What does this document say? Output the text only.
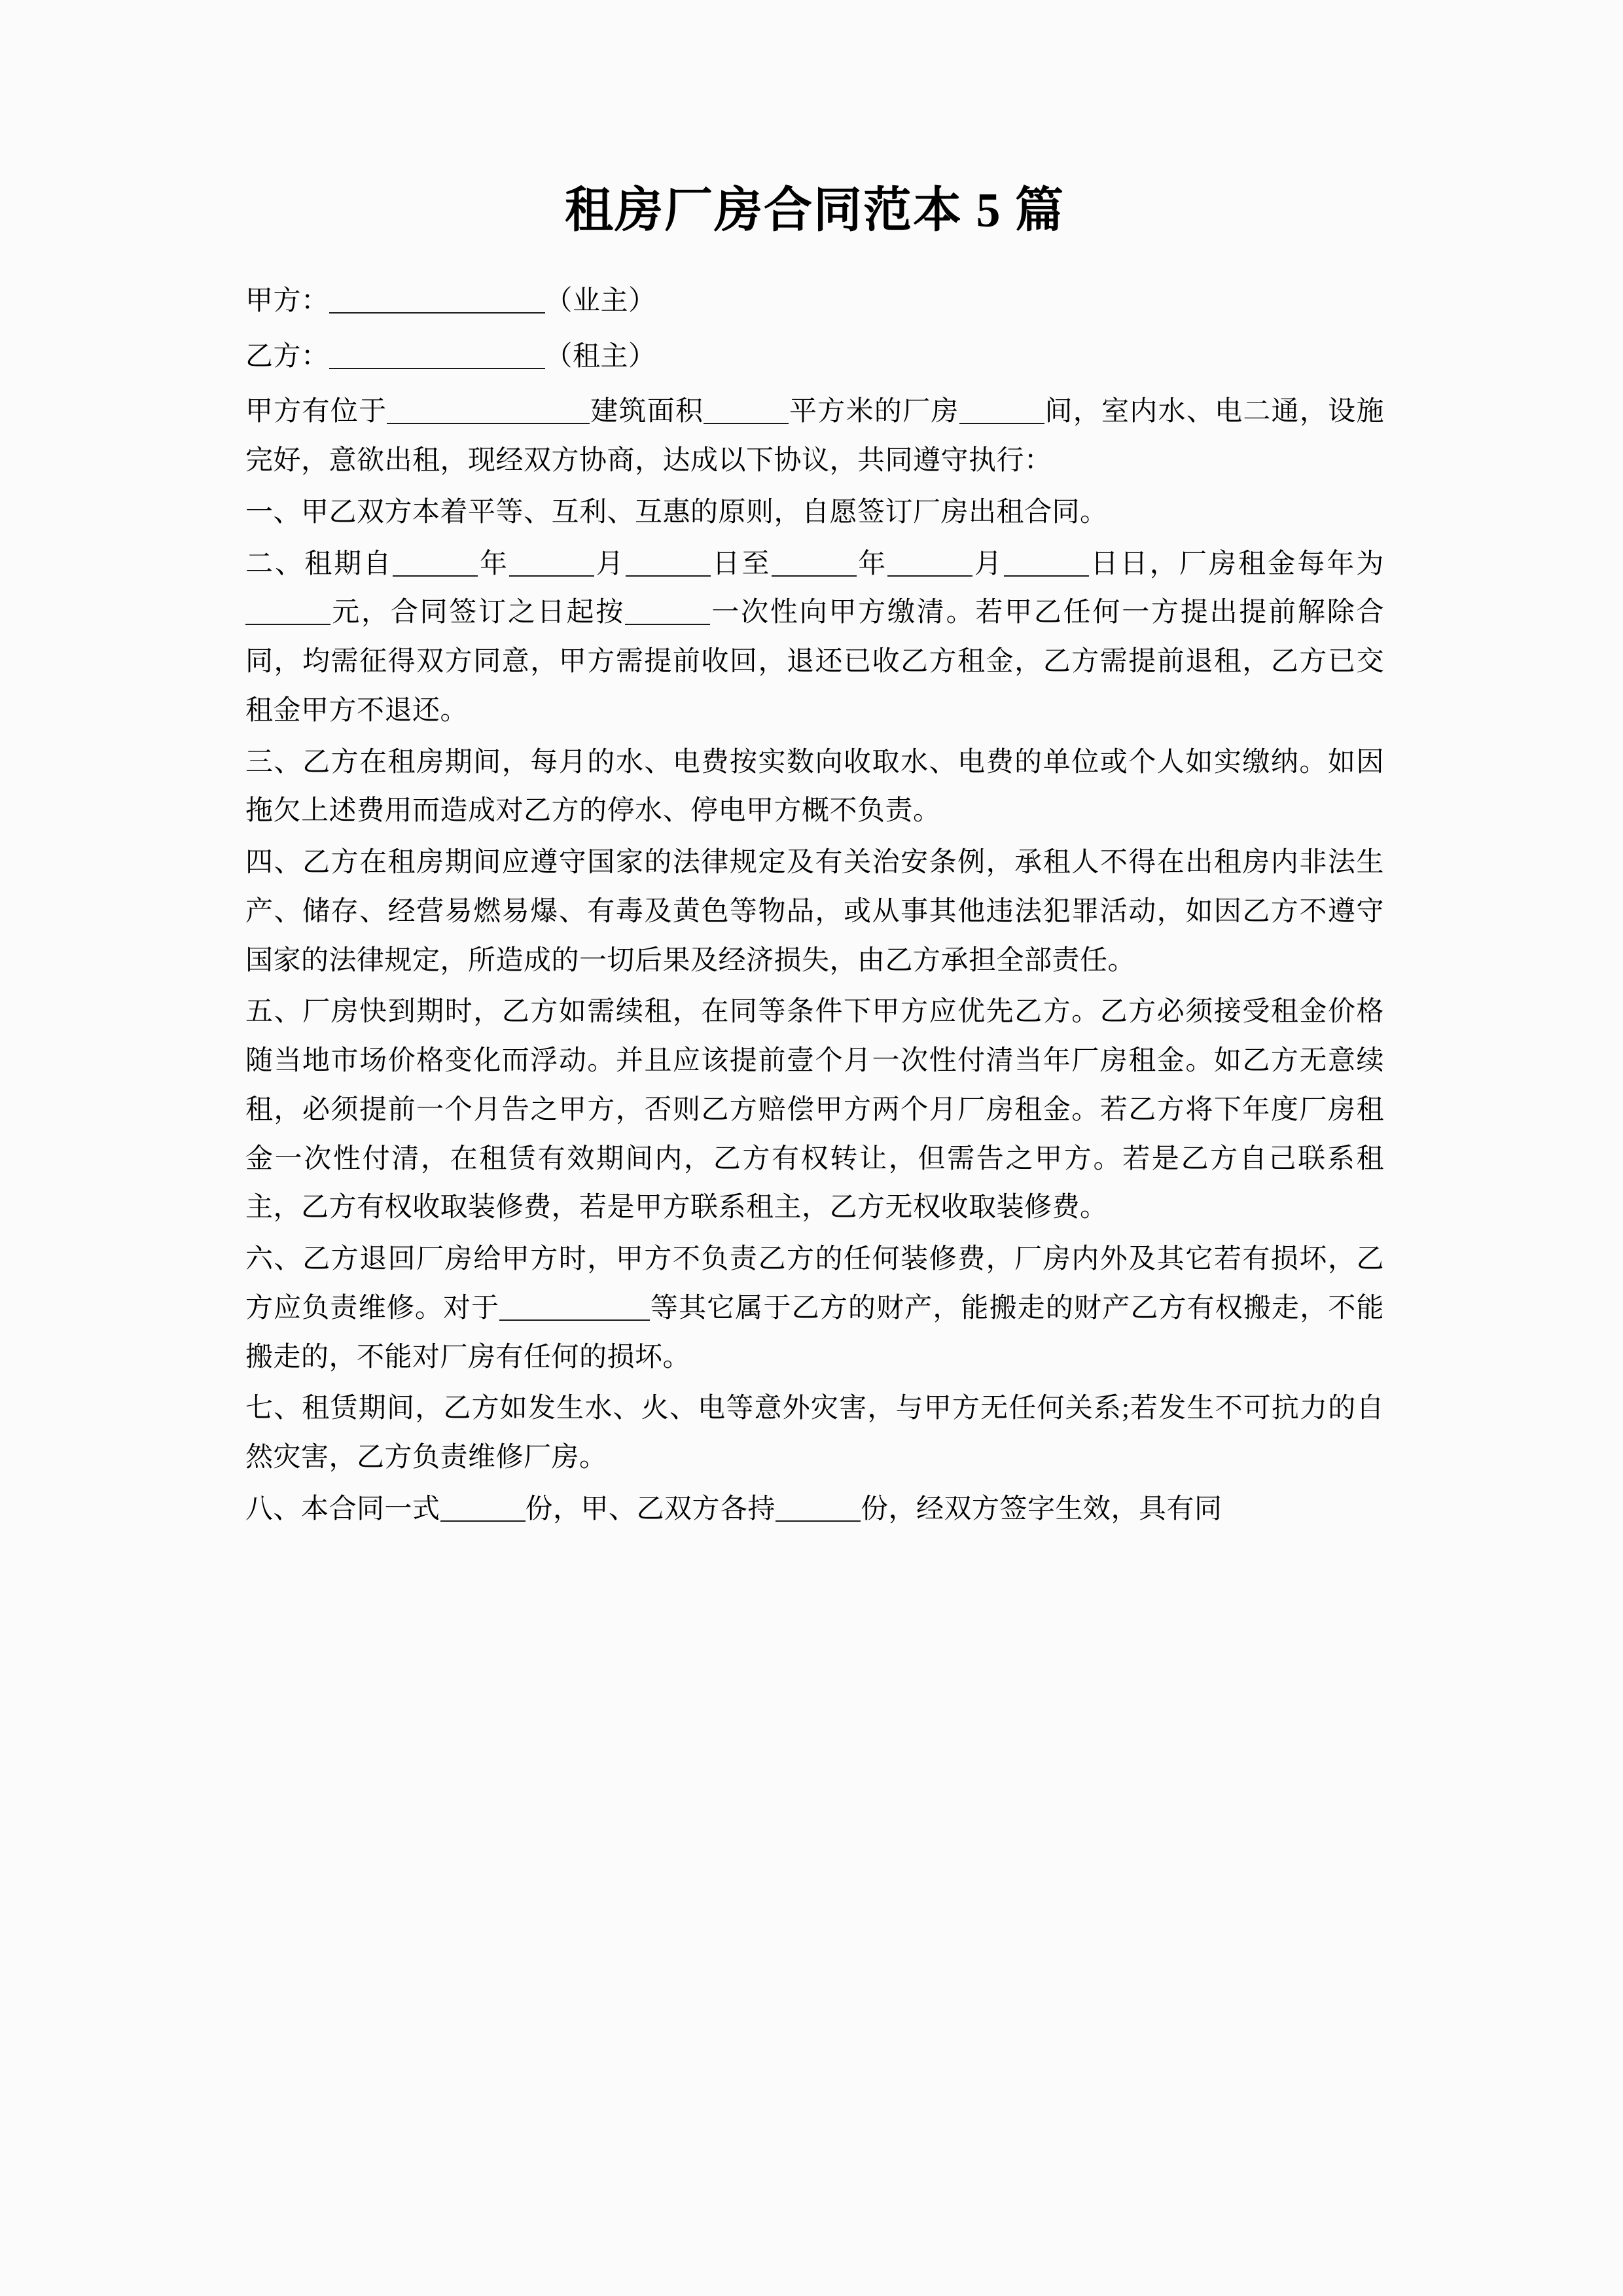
租房厂房合同范本 5 篇

甲方：	（业主）

乙方：	（租主）

甲方有位于	建筑面积	平方米的厂房	间，室内水、电二通，设施完好，意欲出租，现经双方协商，达成以下协议，共同遵守执行：

一、甲乙双方本着平等、互利、互惠的原则，自愿签订厂房出租合同。

二、租期自	年	月	日至	年	月	日日，厂房租金每年为元，合同签订之日起按	一次性向甲方缴清。若甲乙任何一方提出提前解除合同，均需征得双方同意，甲方需提前收回，退还已收乙方租金，乙方需提前退租，乙方已交租金甲方不退还。

三、乙方在租房期间，每月的水、电费按实数向收取水、电费的单位或个人如实缴纳。如因拖欠上述费用而造成对乙方的停水、停电甲方概不负责。

四、乙方在租房期间应遵守国家的法律规定及有关治安条例，承租人不得在出租房内非法生产、储存、经营易燃易爆、有毒及黄色等物品，或从事其他违法犯罪活动，如因乙方不遵守国家的法律规定，所造成的一切后果及经济损失，由乙方承担全部责任。

五、厂房快到期时，乙方如需续租，在同等条件下甲方应优先乙方。乙方必须接受租金价格随当地市场价格变化而浮动。并且应该提前壹个月一次性付清当年厂房租金。如乙方无意续租，必须提前一个月告之甲方，否则乙方赔偿甲方两个月厂房租金。若乙方将下年度厂房租金一次性付清，在租赁有效期间内，乙方有权转让，但需告之甲方。若是乙方自己联系租主，乙方有权收取装修费，若是甲方联系租主，乙方无权收取装修费。

六、乙方退回厂房给甲方时，甲方不负责乙方的任何装修费，厂房内外及其它若有损坏，乙方应负责维修。对于	等其它属于乙方的财产，能搬走的财产乙方有权搬走，不能搬走的，不能对厂房有任何的损坏。

七、租赁期间，乙方如发生水、火、电等意外灾害，与甲方无任何关系;若发生不可抗力的自然灾害，乙方负责维修厂房。

八、本合同一式	份，甲、乙双方各持	份，经双方签字生效，具有同
